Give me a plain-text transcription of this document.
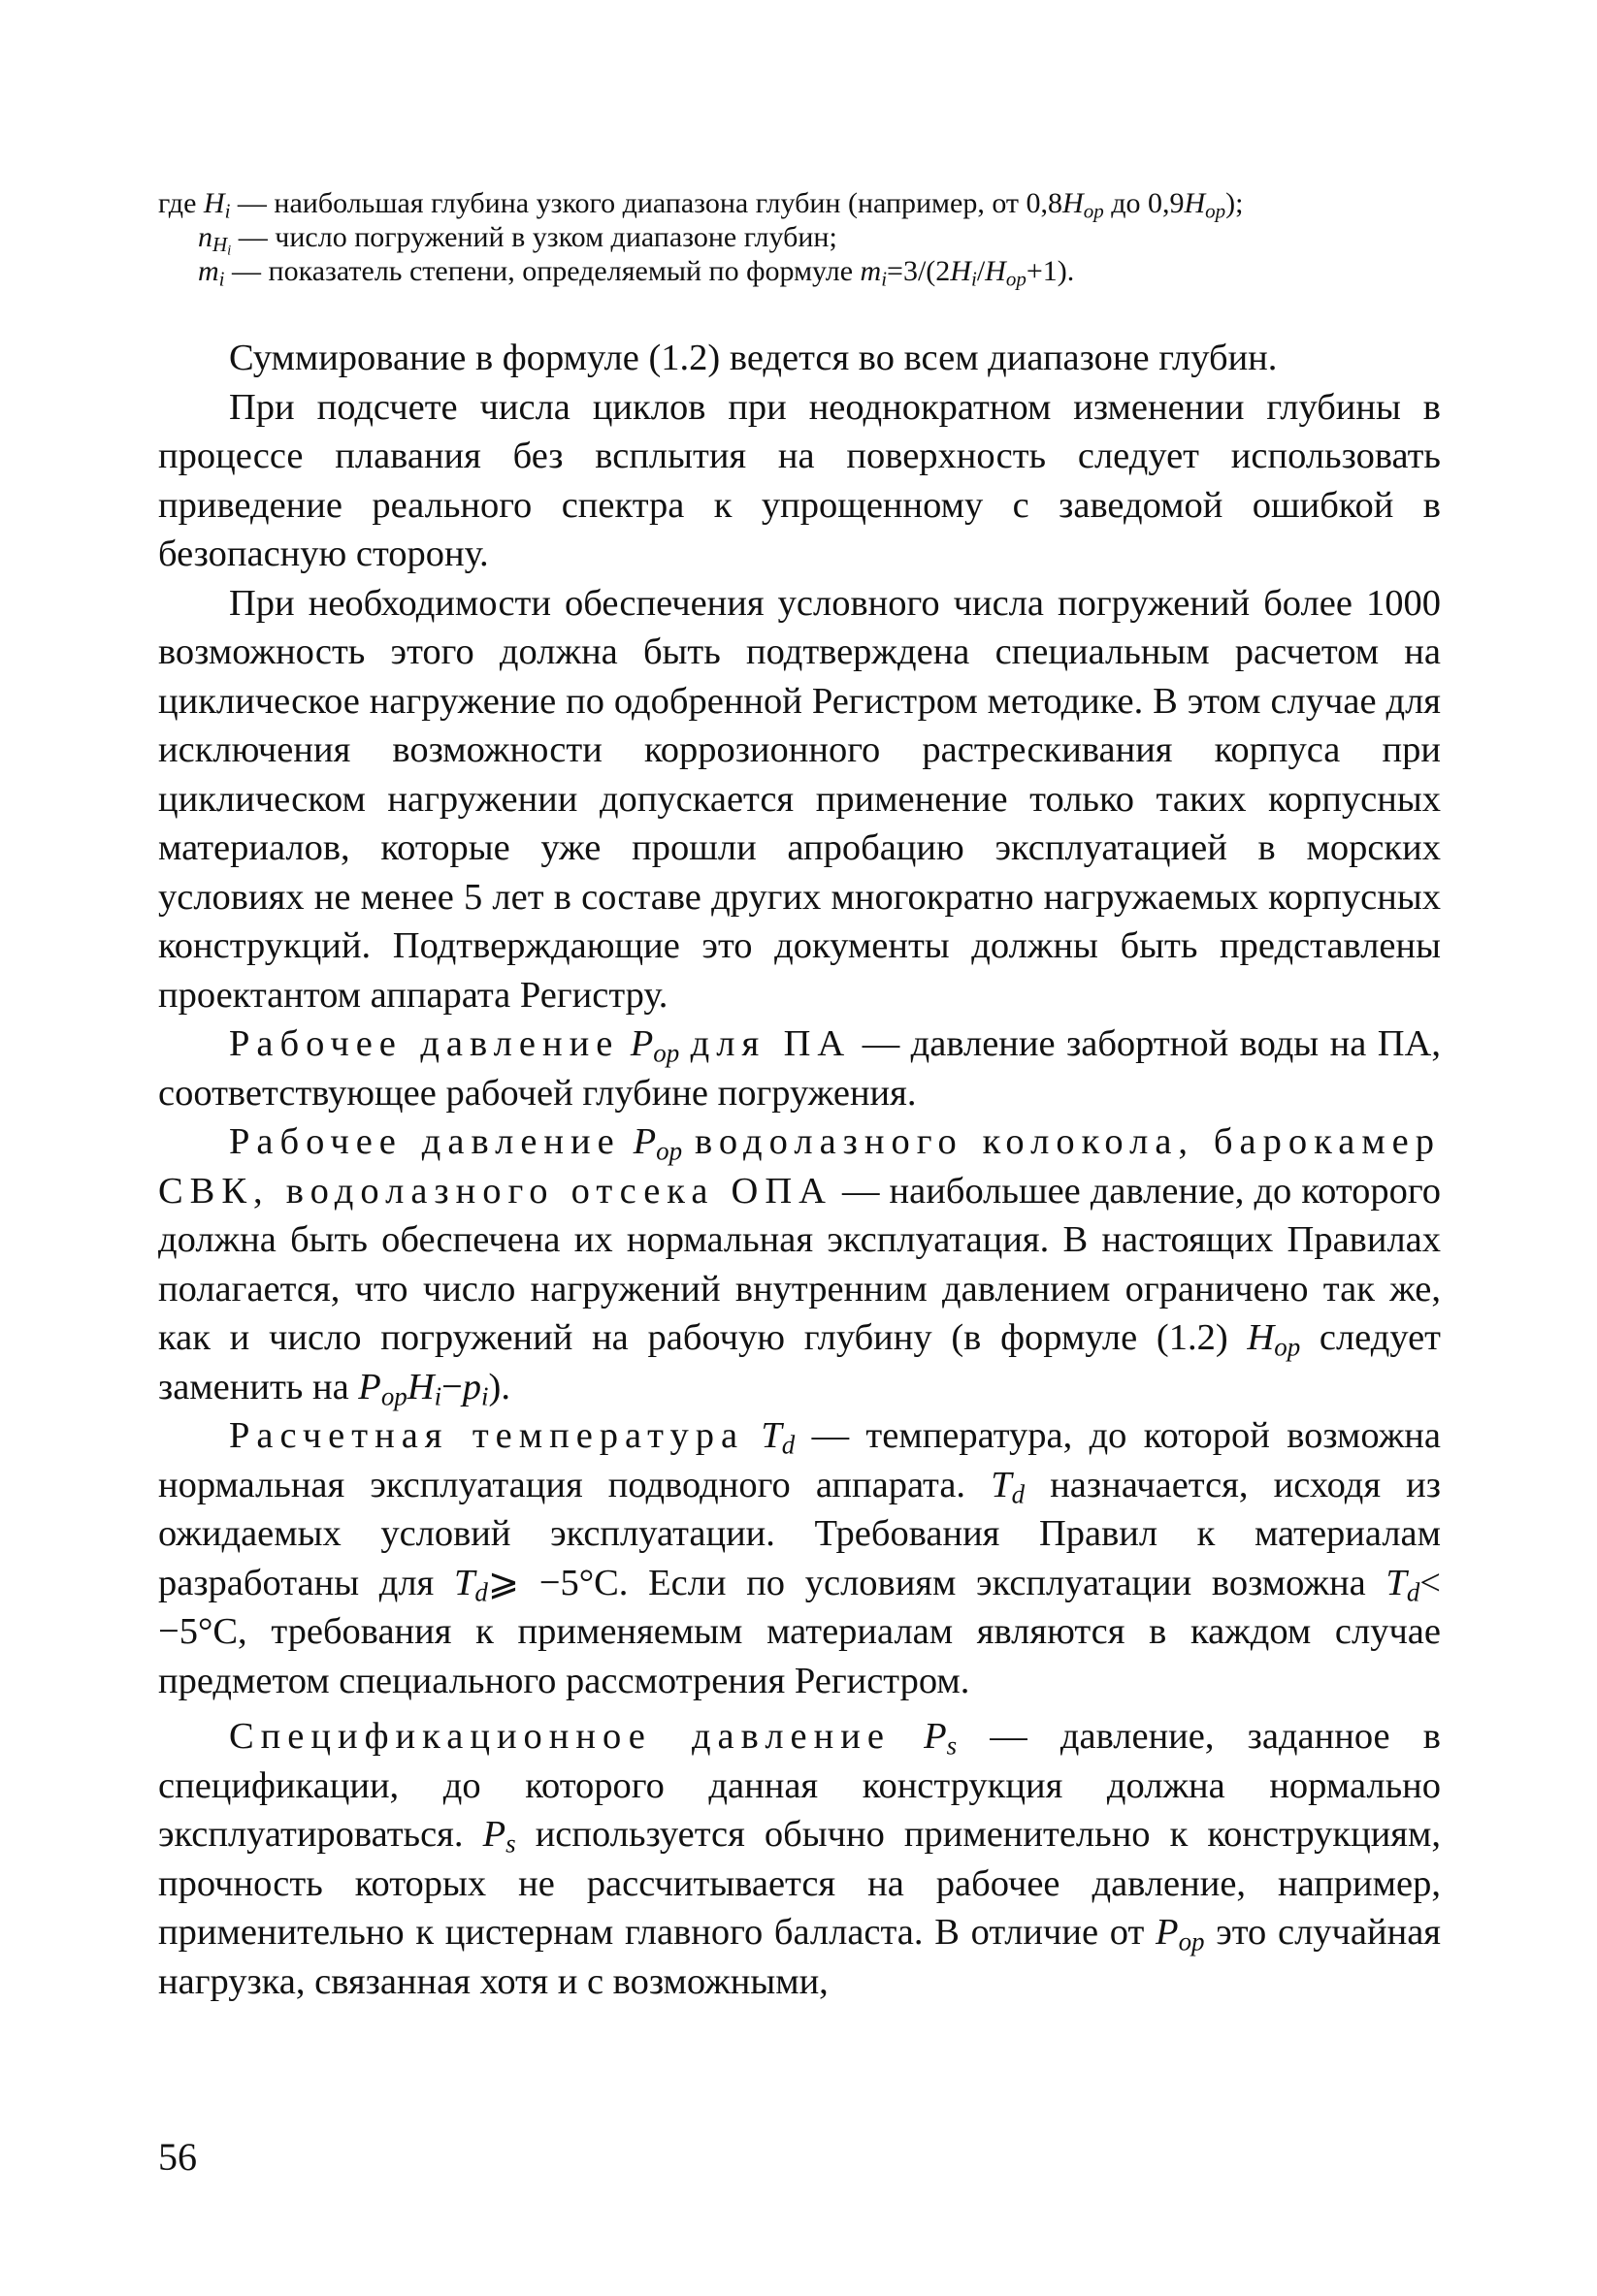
где $H_i$ — наибольшая глубина узкого диапазона глубин (например, от $0,8H_{op}$ до $0,9H_{op}$);
$n_{H_i}$ — число погружений в узком диапазоне глубин;
$m_i$ — показатель степени, определяемый по формуле $m_i=3/(2H_i/H_{op}+1)$.

Суммирование в формуле (1.2) ведется во всем диапазоне глубин.

При подсчете числа циклов при неоднократном изменении глубины в процессе плавания без всплытия на поверхность следует использовать приведение реального спектра к упрощенному с заведомой ошибкой в безопасную сторону.

При необходимости обеспечения условного числа погружений более 1000 возможность этого должна быть подтверждена специальным расчетом на циклическое нагружение по одобренной Регистром методике. В этом случае для исключения возможности коррозионного растрескивания корпуса при циклическом нагружении допускается применение только таких корпусных материалов, которые уже прошли апробацию эксплуатацией в морских условиях не менее 5 лет в составе других многократно нагружаемых корпусных конструкций. Подтверждающие это документы должны быть представлены проектантом аппарата Регистру.

Рабочее давление $P_{op}$ для ПА — давление забортной воды на ПА, соответствующее рабочей глубине погружения.

Рабочее давление $P_{op}$ водолазного колокола, барокамер СВК, водолазного отсека ОПА — наибольшее давление, до которого должна быть обеспечена их нормальная эксплуатация. В настоящих Правилах полагается, что число нагружений внутренним давлением ограничено так же, как и число погружений на рабочую глубину (в формуле (1.2) $H_{op}$ следует заменить на $P_{op}H_i-p_i$).

Расчетная температура $T_d$ — температура, до которой возможна нормальная эксплуатация подводного аппарата. $T_d$ назначается, исходя из ожидаемых условий эксплуатации. Требования Правил к материалам разработаны для $T_d⩾ -5^\circ C$. Если по условиям эксплуатации возможна $T_d< -5^\circ C$, требования к применяемым материалам являются в каждом случае предметом специального рассмотрения Регистром.

Спецификационное давление $P_s$ — давление, заданное в спецификации, до которого данная конструкция должна нормально эксплуатироваться. $P_s$ используется обычно применительно к конструкциям, прочность которых не рассчитывается на рабочее давление, например, применительно к цистернам главного балласта. В отличие от $P_{op}$ это случайная нагрузка, связанная хотя и с возможными,

56
